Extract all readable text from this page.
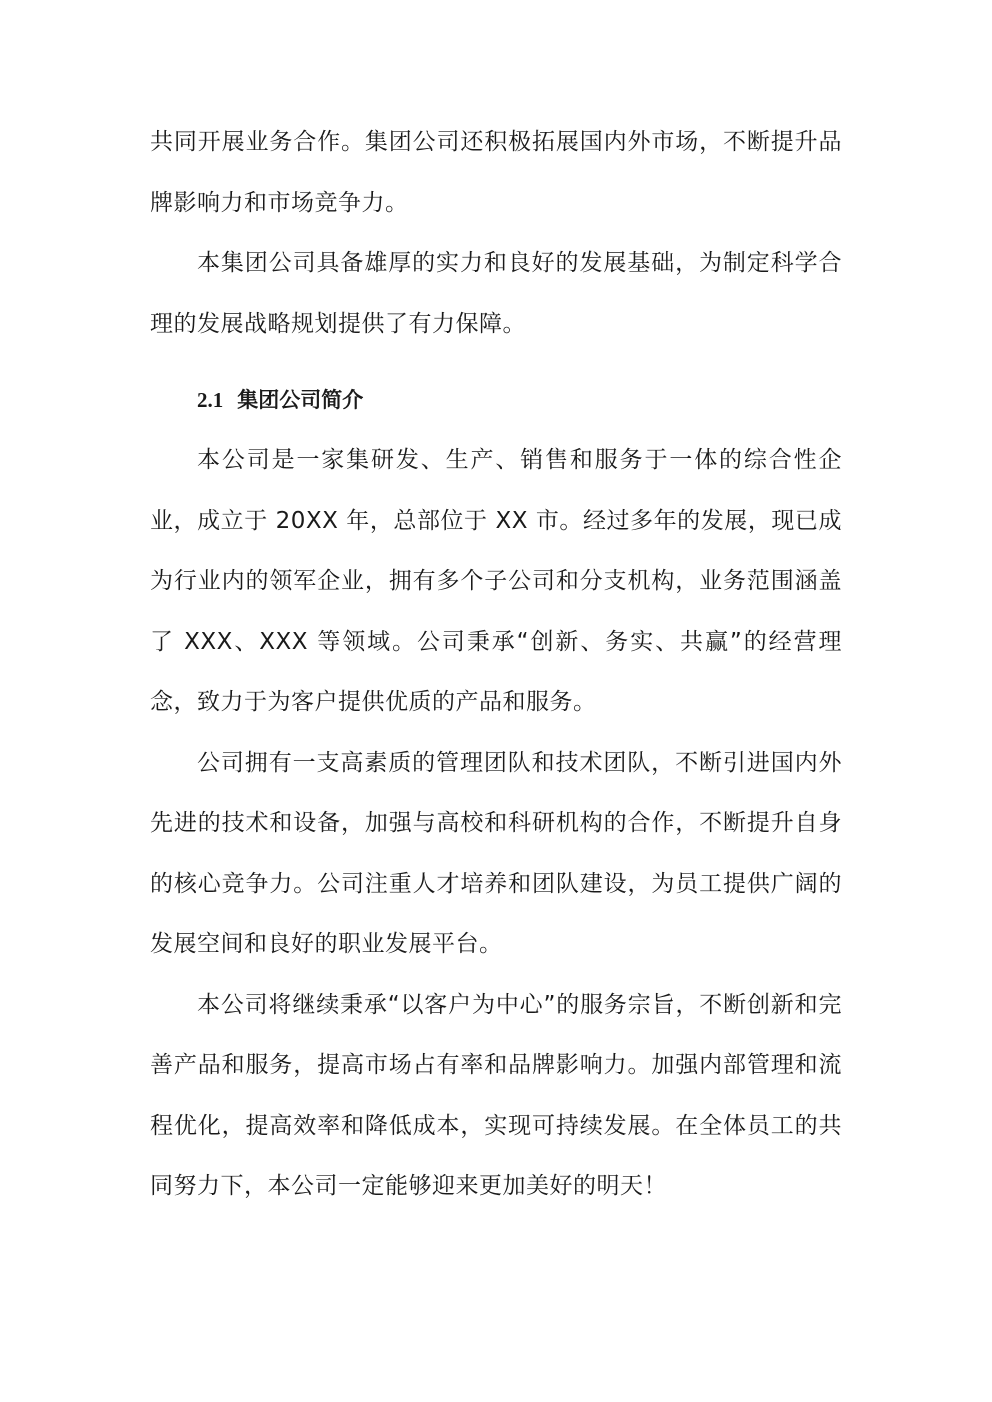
共同开展业务合作。集团公司还积极拓展国内外市场，不断提升品牌影响力和市场竞争力。

本集团公司具备雄厚的实力和良好的发展基础，为制定科学合理的发展战略规划提供了有力保障。

2.1 集团公司简介

本公司是一家集研发、生产、销售和服务于一体的综合性企业，成立于 20XX 年，总部位于 XX 市。经过多年的发展，现已成为行业内的领军企业，拥有多个子公司和分支机构，业务范围涵盖了 XXX、XXX 等领域。公司秉承“创新、务实、共赢”的经营理念，致力于为客户提供优质的产品和服务。

公司拥有一支高素质的管理团队和技术团队，不断引进国内外先进的技术和设备，加强与高校和科研机构的合作，不断提升自身的核心竞争力。公司注重人才培养和团队建设，为员工提供广阔的发展空间和良好的职业发展平台。

本公司将继续秉承“以客户为中心”的服务宗旨，不断创新和完善产品和服务，提高市场占有率和品牌影响力。加强内部管理和流程优化，提高效率和降低成本，实现可持续发展。在全体员工的共同努力下，本公司一定能够迎来更加美好的明天！
